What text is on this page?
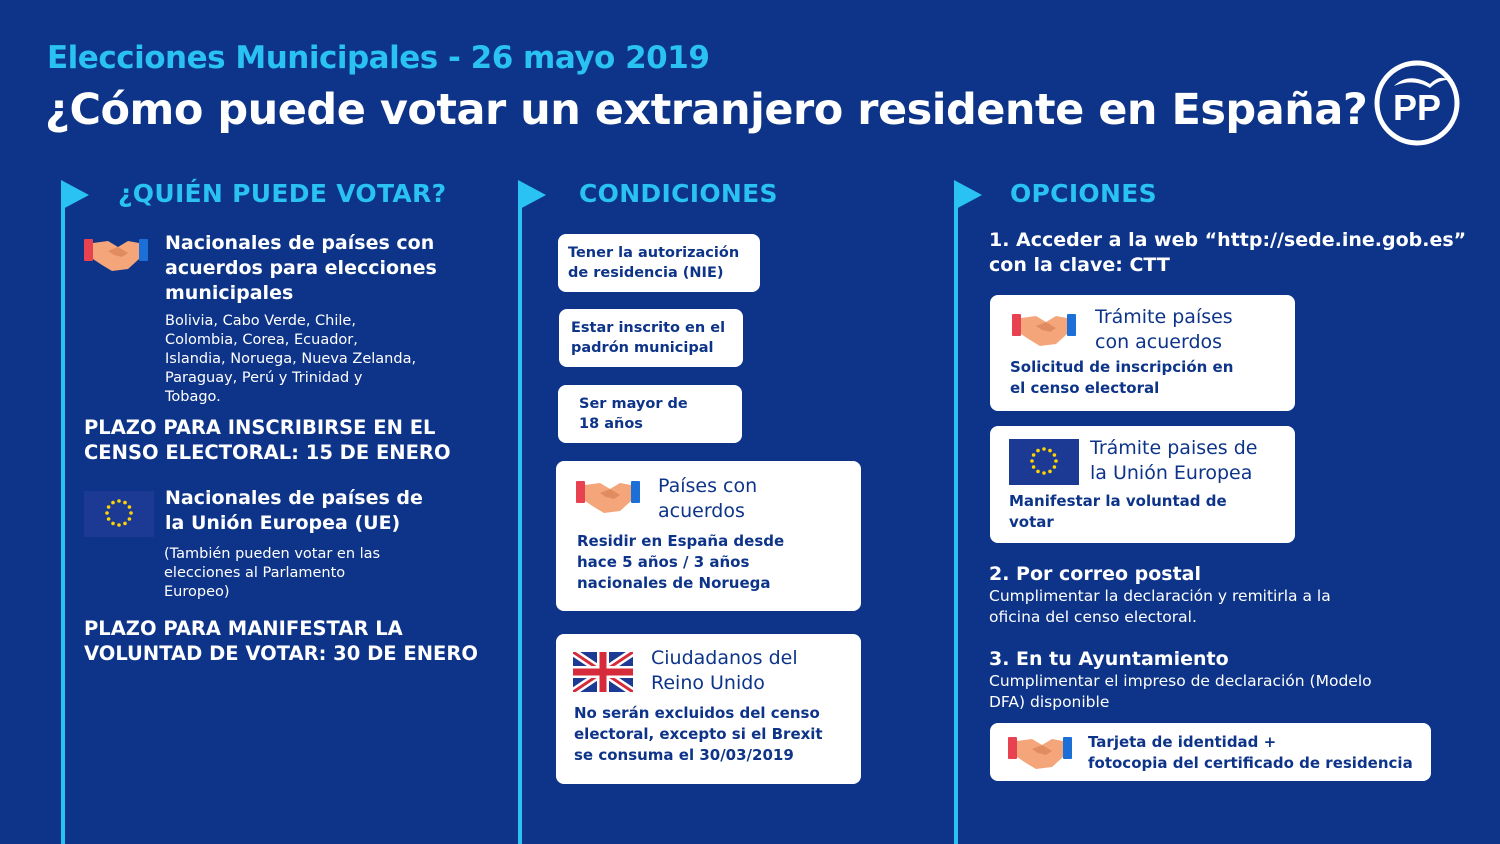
Elecciones Municipales - 26 mayo 2019
¿Cómo puede votar un extranjero residente en España? PP
¿QUIÉN PUEDE VOTAR?	CONDICIONES	OPCIONES
Nacionales de países con
acuerdos para elecciones
municipales
Bolivia, Cabo Verde, Chile,
Colombia, Corea, Ecuador,
Islandia, Noruega, Nueva Zelanda,
Paraguay, Perú y Trinidad y
Tobago.
PLAZO PARA INSCRIBIRSE EN EL
CENSO ELECTORAL: 15 DE ENERO
Nacionales de países de
la Unión Europea (UE)
(También pueden votar en las
elecciones al Parlamento
Europeo)
PLAZO PARA MANIFESTAR LA
VOLUNTAD DE VOTAR: 30 DE ENERO
Tener la autorización
de residencia (NIE)
Estar inscrito en el
padrón municipal
Ser mayor de
18 años
Países con
acuerdos
Residir en España desde
hace 5 años / 3 años
nacionales de Noruega
Ciudadanos del
Reino Unido
No serán excluidos del censo
electoral, excepto si el Brexit
se consuma el 30/03/2019
1. Acceder a la web “http://sede.ine.gob.es”
con la clave: CTT
Trámite países
con acuerdos
Solicitud de inscripción en
el censo electoral
Trámite paises de
la Unión Europea
Manifestar la voluntad de
votar
2. Por correo postal
Cumplimentar la declaración y remitirla a la
oficina del censo electoral.
3. En tu Ayuntamiento
Cumplimentar el impreso de declaración (Modelo
DFA) disponible
Tarjeta de identidad +
fotocopia del certificado de residencia
